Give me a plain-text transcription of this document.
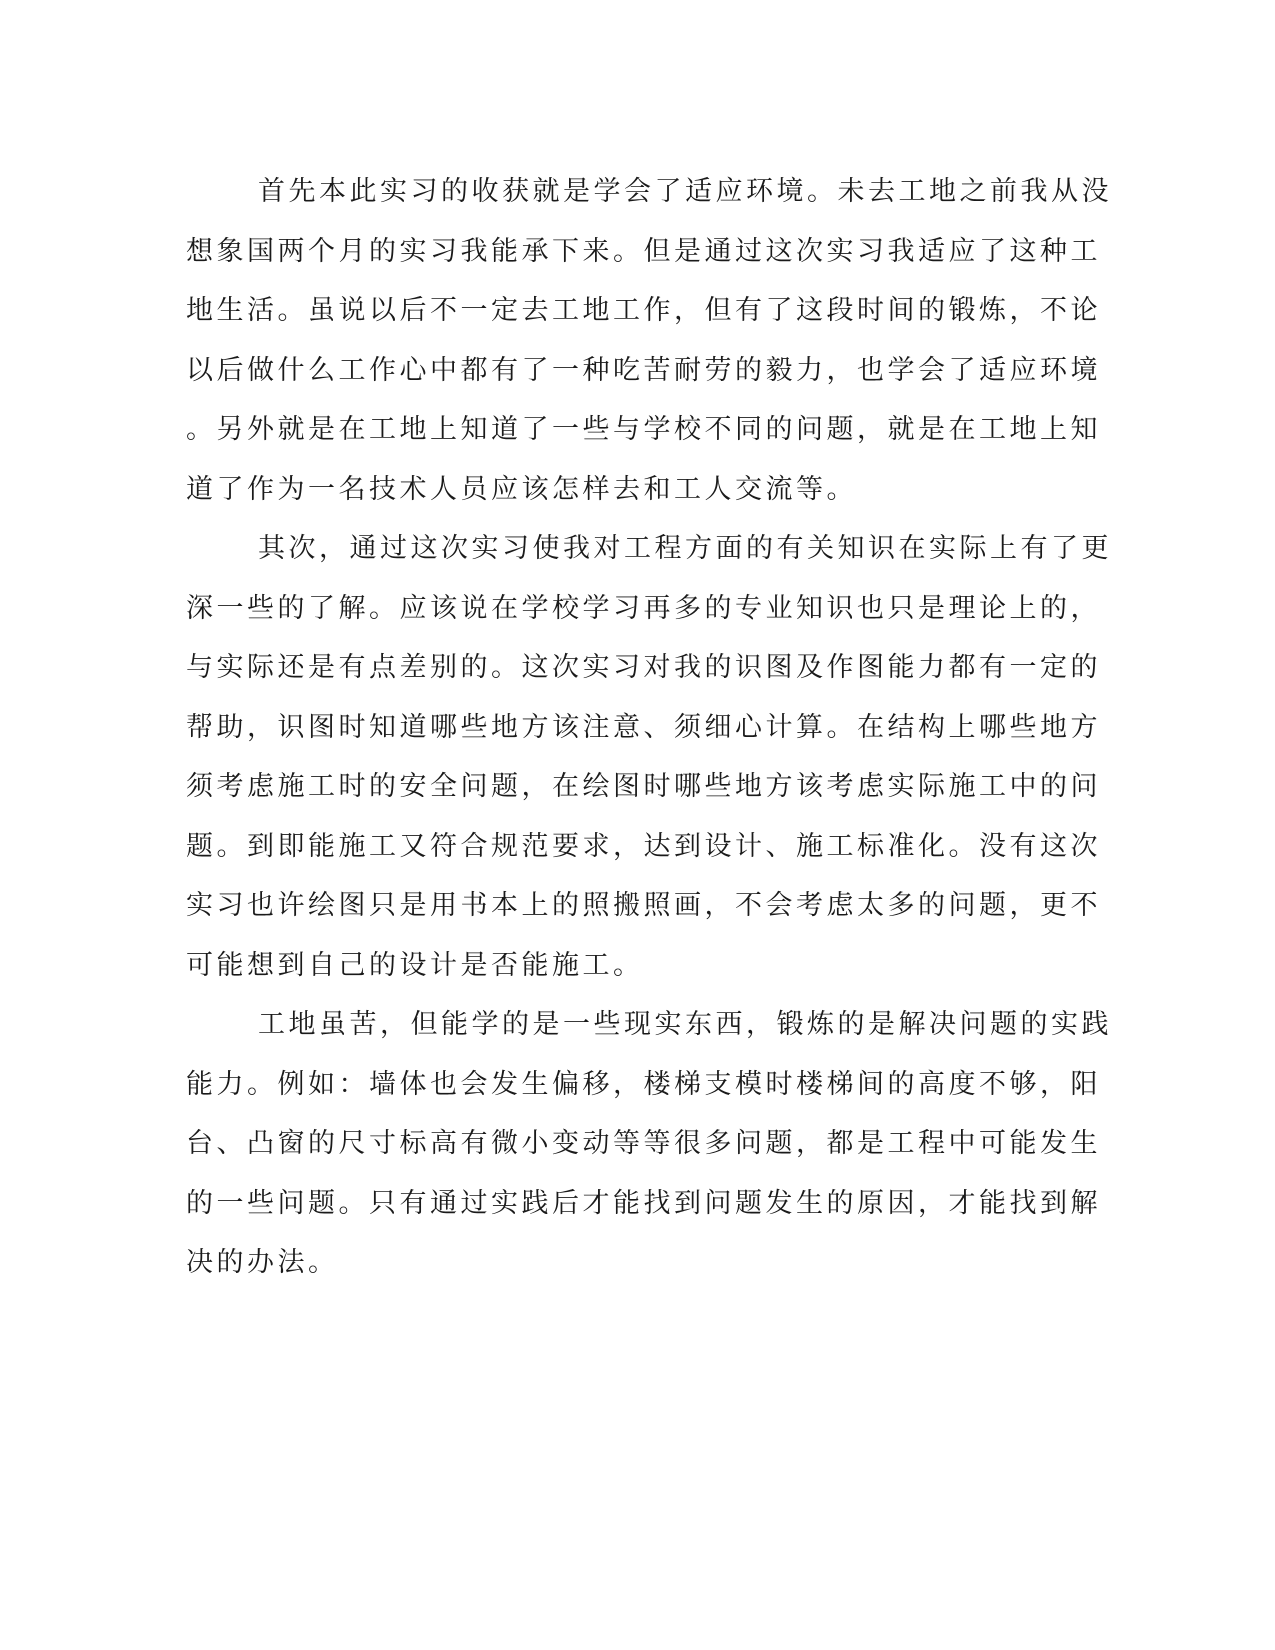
首先本此实习的收获就是学会了适应环境。未去工地之前我从没
想象国两个月的实习我能承下来。但是通过这次实习我适应了这种工
地生活。虽说以后不一定去工地工作，但有了这段时间的锻炼，不论
以后做什么工作心中都有了一种吃苦耐劳的毅力，也学会了适应环境
。另外就是在工地上知道了一些与学校不同的问题，就是在工地上知
道了作为一名技术人员应该怎样去和工人交流等。
其次，通过这次实习使我对工程方面的有关知识在实际上有了更
深一些的了解。应该说在学校学习再多的专业知识也只是理论上的，
与实际还是有点差别的。这次实习对我的识图及作图能力都有一定的
帮助，识图时知道哪些地方该注意、须细心计算。在结构上哪些地方
须考虑施工时的安全问题，在绘图时哪些地方该考虑实际施工中的问
题。到即能施工又符合规范要求，达到设计、施工标准化。没有这次
实习也许绘图只是用书本上的照搬照画，不会考虑太多的问题，更不
可能想到自己的设计是否能施工。
工地虽苦，但能学的是一些现实东西，锻炼的是解决问题的实践
能力。例如：墙体也会发生偏移，楼梯支模时楼梯间的高度不够，阳
台、凸窗的尺寸标高有微小变动等等很多问题，都是工程中可能发生
的一些问题。只有通过实践后才能找到问题发生的原因，才能找到解
决的办法。
